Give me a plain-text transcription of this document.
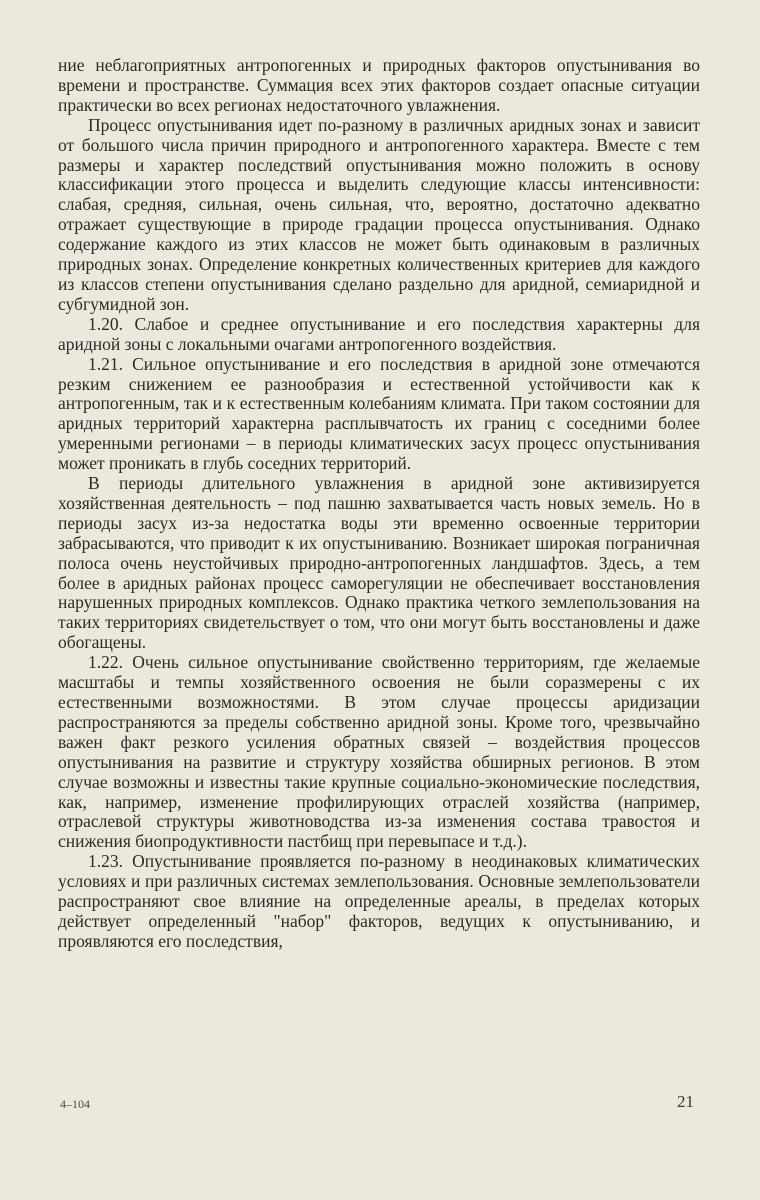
ние неблагоприятных антропогенных и природных факторов опустынивания во времени и пространстве. Суммация всех этих факторов создает опасные ситуации практически во всех регионах недостаточного увлажнения.

Процесс опустынивания идет по-разному в различных аридных зонах и зависит от большого числа причин природного и антропогенного характера. Вместе с тем размеры и характер последствий опустынивания можно положить в основу классификации этого процесса и выделить следующие классы интенсивности: слабая, средняя, сильная, очень сильная, что, вероятно, достаточно адекватно отражает существующие в природе градации процесса опустынивания. Однако содержание каждого из этих классов не может быть одинаковым в различных природных зонах. Определение конкретных количественных критериев для каждого из классов степени опустынивания сделано раздельно для аридной, семиаридной и субгумидной зон.

1.20. Слабое и среднее опустынивание и его последствия характерны для аридной зоны с локальными очагами антропогенного воздействия.

1.21. Сильное опустынивание и его последствия в аридной зоне отмечаются резким снижением ее разнообразия и естественной устойчивости как к антропогенным, так и к естественным колебаниям климата. При таком состоянии для аридных территорий характерна расплывчатость их границ с соседними более умеренными регионами – в периоды климатических засух процесс опустынивания может проникать в глубь соседних территорий.

В периоды длительного увлажнения в аридной зоне активизируется хозяйственная деятельность – под пашню захватывается часть новых земель. Но в периоды засух из-за недостатка воды эти временно освоенные территории забрасываются, что приводит к их опустыниванию. Возникает широкая пограничная полоса очень неустойчивых природно-антропогенных ландшафтов. Здесь, а тем более в аридных районах процесс саморегуляции не обеспечивает восстановления нарушенных природных комплексов. Однако практика четкого землепользования на таких территориях свидетельствует о том, что они могут быть восстановлены и даже обогащены.

1.22. Очень сильное опустынивание свойственно территориям, где желаемые масштабы и темпы хозяйственного освоения не были соразмерены с их естественными возможностями. В этом случае процессы аридизации распространяются за пределы собственно аридной зоны. Кроме того, чрезвычайно важен факт резкого усиления обратных связей – воздействия процессов опустынивания на развитие и структуру хозяйства обширных регионов. В этом случае возможны и известны такие крупные социально-экономические последствия, как, например, изменение профилирующих отраслей хозяйства (например, отраслевой структуры животноводства из-за изменения состава травостоя и снижения биопродуктивности пастбищ при перевыпасе и т.д.).

1.23. Опустынивание проявляется по-разному в неодинаковых климатических условиях и при различных системах землепользования. Основные землепользователи распространяют свое влияние на определенные ареалы, в пределах которых действует определенный "набор" факторов, ведущих к опустыниванию, и проявляются его последствия,

4–104	21
